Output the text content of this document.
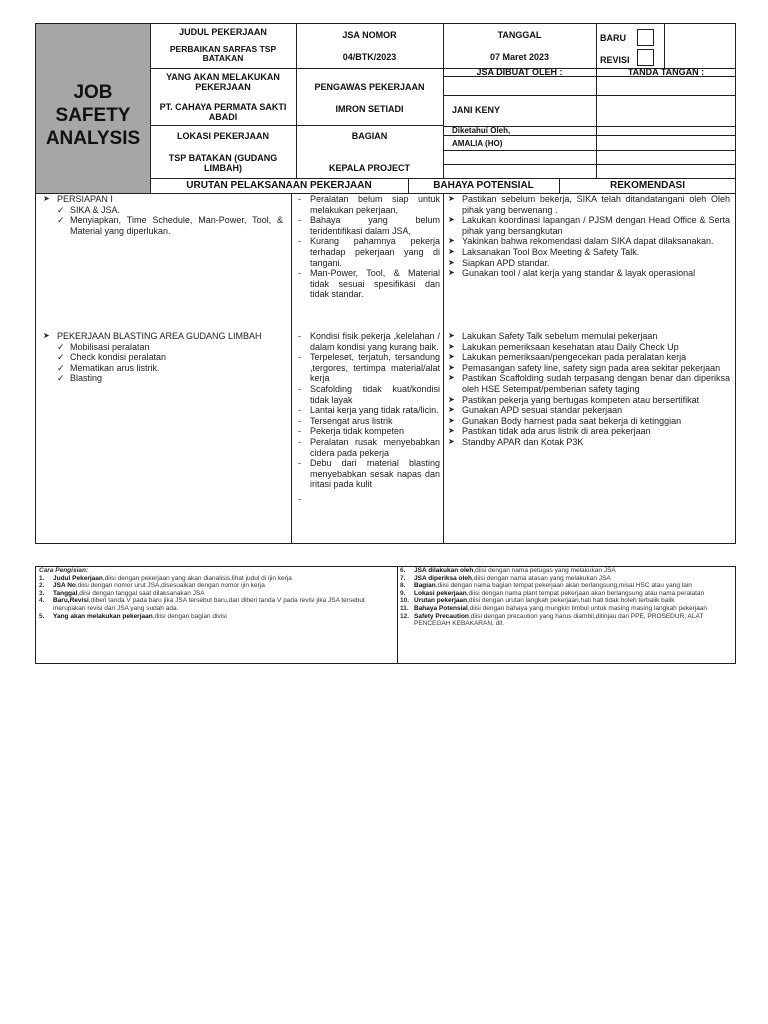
JOB
SAFETY
ANALYSIS
JUDUL PEKERJAAN
PERBAIKAN SARFAS TSP BATAKAN
JSA NOMOR
04/BTK/2023
TANGGAL
07 Maret 2023
BARU
REVISI
YANG AKAN MELAKUKAN PEKERJAAN
PT. CAHAYA PERMATA SAKTI ABADI
PENGAWAS PEKERJAAN
IMRON SETIADI
JSA DIBUAT OLEH :	TANDA TANGAN :
JANI KENY
Diketahui Oleh,
AMALIA (HO)
LOKASI PEKERJAAN
TSP BATAKAN (GUDANG LIMBAH)
BAGIAN
KEPALA PROJECT
URUTAN PELAKSANAAN PEKERJAAN	BAHAYA POTENSIAL	REKOMENDASI
➤ PERSIAPAN I
✓ SIKA & JSA.
✓ Menyiapkan, Time Schedule, Man-Power, Tool, & Material yang diperlukan.
- Peralatan belum siap untuk melakukan pekerjaan,
- Bahaya yang belum teridentifikasi dalam JSA,
- Kurang pahamnya pekerja terhadap pekerjaan yang di tangani.
- Man-Power, Tool, & Material tidak sesuai spesifikasi dan tidak standar.
➤ Pastikan sebelum bekerja, SIKA telah ditandatangani oleh Oleh pihak yang berwenang .
➤ Lakukan koordinasi lapangan / PJSM dengan Head Office & Serta pihak yang bersangkutan
➤ Yakinkan bahwa rekomendasi dalam SIKA dapat dilaksanakan.
➤ Laksanakan Tool Box Meeting & Safety Talk.
➤ Siapkan APD standar.
➤ Gunakan tool / alat kerja yang standar & layak operasional
➤ PEKERJAAN BLASTING AREA GUDANG LIMBAH
✓ Mobilisasi peralatan
✓ Check kondisi peralatan
✓ Mematikan arus listrik.
✓ Blasting
- Kondisi fisik pekerja ,kelelahan / dalam kondisi yang kurang baik.
- Terpeleset, terjatuh, tersandung ,tergores, tertimpa material/alat kerja
- Scafolding tidak kuat/kondisi tidak layak
- Lantai kerja yang tidak rata/licin.
- Tersengat arus listrik
- Pekerja tidak kompeten
- Peralatan rusak menyebabkan cidera pada pekerja
- Debu dari material blasting menyebabkan sesak napas dan iritasi pada kulit
-
➤ Lakukan Safety Talk sebelum memulai pekerjaan
➤ Lakukan pemeriksaan kesehatan atau Daily Check Up
➤ Lakukan pemeriksaan/pengecekan pada peralatan kerja
➤ Pemasangan safety line, safety sign pada area sekitar pekerjaan
➤ Pastikan Scaffolding sudah terpasang dengan benar dan diperiksa oleh HSE Setempat/pemberian safety taging
➤ Pastikan pekerja yang bertugas kompeten atau bersertifikat
➤ Gunakan APD sesuai standar pekerjaan
➤ Gunakan Body harnest pada saat bekerja di ketinggian
➤ Pastikan tidak ada arus listrik di area pekerjaan
➤ Standby APAR dan Kotak P3K
Cara Pengisian:
1. Judul Pekerjaan,diisi dengan pekerjaan yang akan dianalisis,lihat judul di ijin kerja
2. JSA No,diisi dengan nomor urut JSA,disesuaikan dengan nomor ijin kerja
3. Tanggal,diisi dengan tanggal saat dilaksanakan JSA
4. Baru,Revisi,diberi tanda V pada baru jika JSA tersebut baru,dan diberi tanda V pada revisi jika JSA tersebut merupakan revisi dari JSA yang sudah ada.
5. Yang akan melakukan pekerjaan,diisi dengan bagian divisi
6. JSA dilakukan oleh,diisi dengan nama petugas yang melakukan JSA
7. JSA diperiksa oleh,diisi dengan nama atasan yang melakukan JSA
8. Bagian,diisi dengan nama bagian tempat pekerjaan akan berlangsung,misal HSC atau yang lain
9. Lokasi pekerjaan,diisi dengan nama plant tempat pekerjaan akan berlangsung atau nama peralatan
10. Urutan pekerjaan,diisi dengan urutan langkah pekerjaan,hati hati tidak boleh terbalik balik
11. Bahaya Potensial,diisi dengan bahaya yang mungkin timbul untuk masing masing langkah pekerjaan
12. Safety Precaution,diisi dengan precaution yang harus diambil,ditinjau dari PPE, PROSEDUR, ALAT PENCEGAH KEBAKARAN, dll.
